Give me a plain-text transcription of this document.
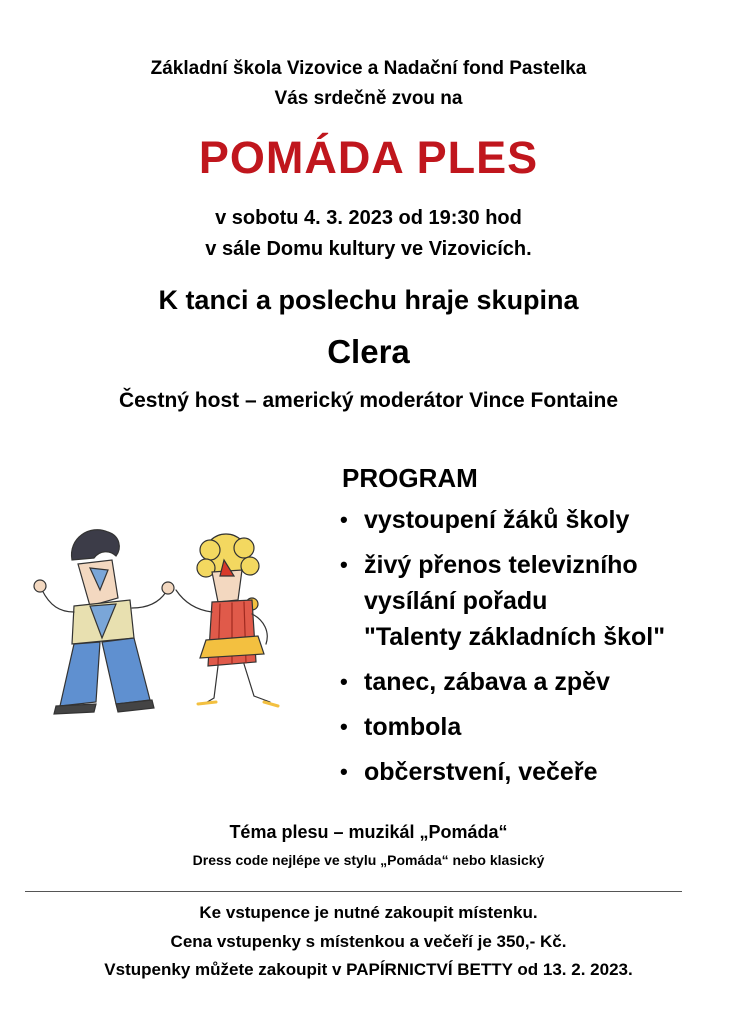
Základní škola Vizovice a Nadační fond Pastelka
Vás srdečně zvou na
POMÁDA PLES
v sobotu 4. 3. 2023 od 19:30 hod
v sále Domu kultury ve Vizovicích.
K tanci a poslechu hraje skupina
Clera
Čestný host – americký moderátor Vince Fontaine
PROGRAM
• vystoupení žáků školy
• živý přenos televizního
vysílání pořadu
"Talenty základních škol"
• tanec, zábava a zpěv
• tombola
• občerstvení, večeře
Téma plesu – muzikál „Pomáda“
Dress code nejlépe ve stylu „Pomáda“ nebo klasický
Ke vstupence je nutné zakoupit místenku.
Cena vstupenky s místenkou a večeří je 350,- Kč.
Vstupenky můžete zakoupit v PAPÍRNICTVÍ BETTY od 13. 2. 2023.
